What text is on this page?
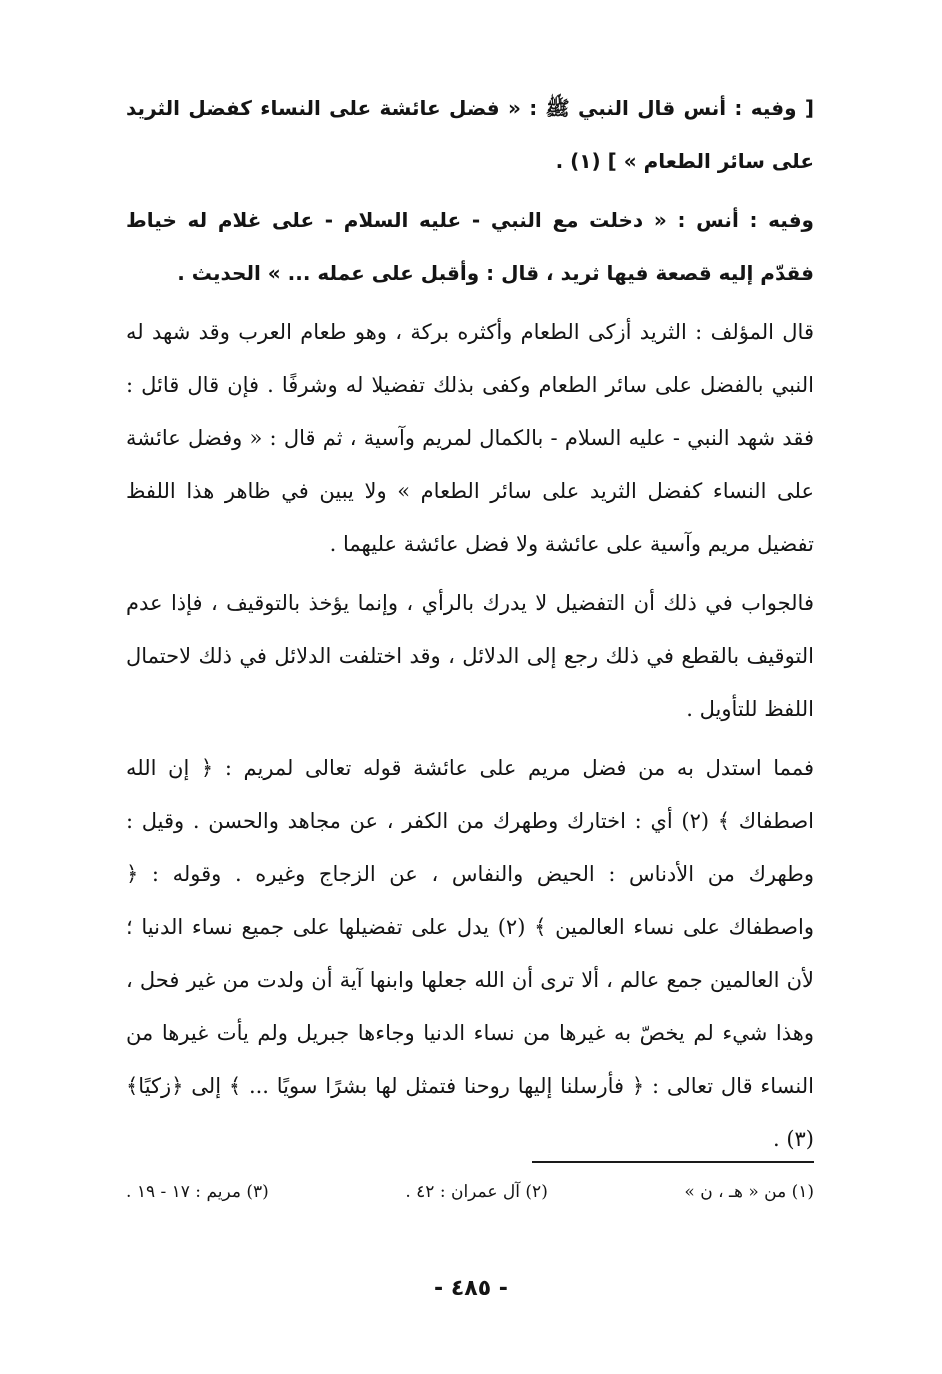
[ وفيه : أنس قال النبي ﷺ : « فضل عائشة على النساء كفضل الثريد على سائر الطعام » ] (١) .

وفيه : أنس : « دخلت مع النبي - عليه السلام - على غلام له خياط فقدّم إليه قصعة فيها ثريد ، قال : وأقبل على عمله ... » الحديث .

قال المؤلف : الثريد أزكى الطعام وأكثره بركة ، وهو طعام العرب وقد شهد له النبي بالفضل على سائر الطعام وكفى بذلك تفضيلا له وشرفًا . فإن قال قائل : فقد شهد النبي - عليه السلام - بالكمال لمريم وآسية ، ثم قال : « وفضل عائشة على النساء كفضل الثريد على سائر الطعام » ولا يبين في ظاهر هذا اللفظ تفضيل مريم وآسية على عائشة ولا فضل عائشة عليهما .

فالجواب في ذلك أن التفضيل لا يدرك بالرأي ، وإنما يؤخذ بالتوقيف ، فإذا عدم التوقيف بالقطع في ذلك رجع إلى الدلائل ، وقد اختلفت الدلائل في ذلك لاحتمال اللفظ للتأويل .

فمما استدل به من فضل مريم على عائشة قوله تعالى لمريم : ﴿ إن الله اصطفاك ﴾ (٢) أي : اختارك وطهرك من الكفر ، عن مجاهد والحسن . وقيل : وطهرك من الأدناس : الحيض والنفاس ، عن الزجاج وغيره . وقوله : ﴿ واصطفاك على نساء العالمين ﴾ (٢) يدل على تفضيلها على جميع نساء الدنيا ؛ لأن العالمين جمع عالم ، ألا ترى أن الله جعلها وابنها آية أن ولدت من غير فحل ، وهذا شيء لم يخصّ به غيرها من نساء الدنيا وجاءها جبريل ولم يأت غيرها من النساء قال تعالى : ﴿ فأرسلنا إليها روحنا فتمثل لها بشرًا سويًا ... ﴾ إلى ﴿زكيًا﴾(٣) .

(١) من « هـ ، ن »
(٢) آل عمران : ٤٢ .
(٣) مريم : ١٧ - ١٩ .
- ٤٨٥ -
